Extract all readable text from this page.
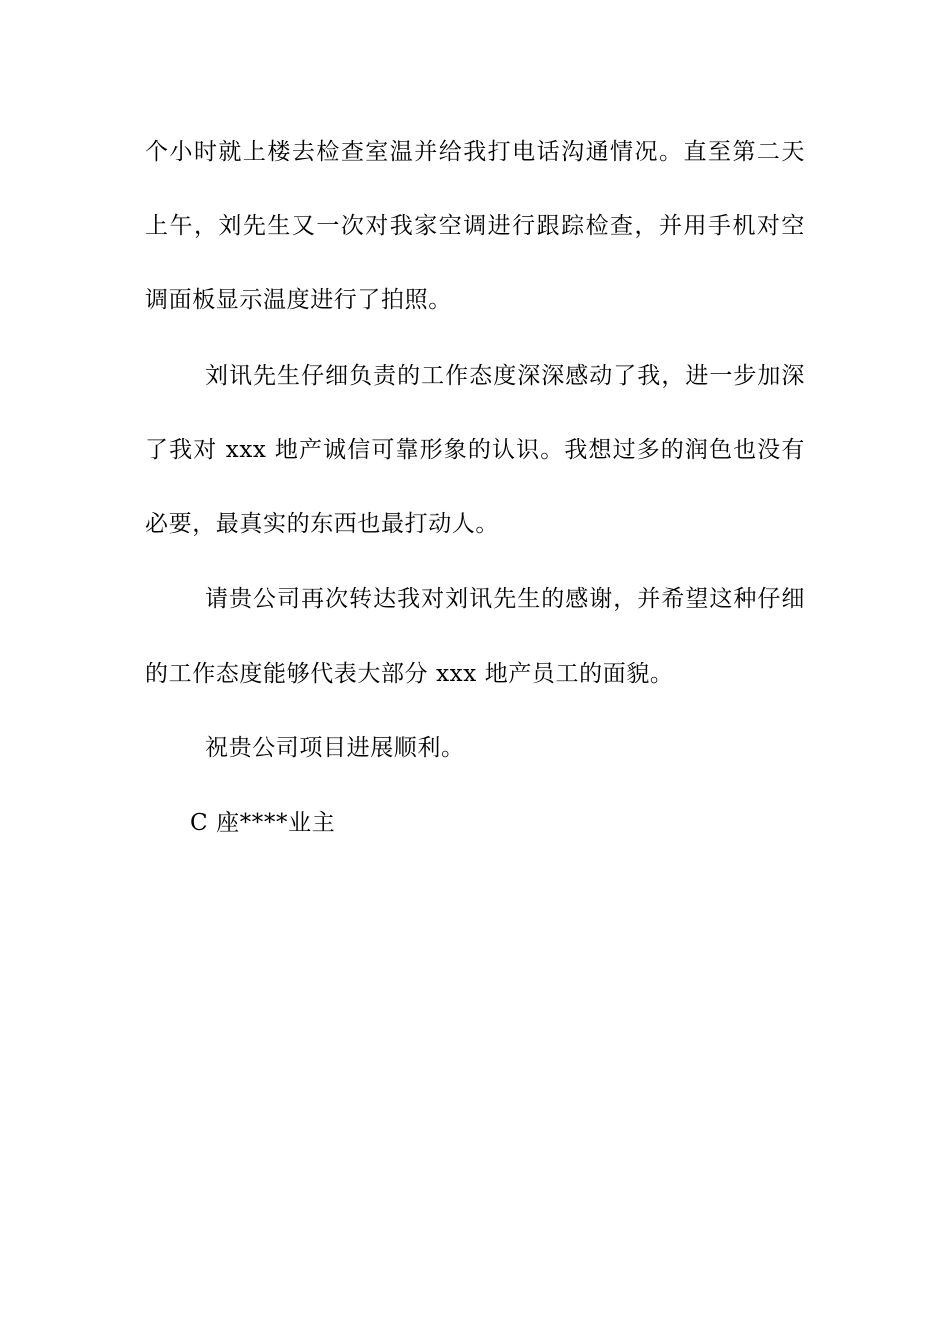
个小时就上楼去检查室温并给我打电话沟通情况。直至第二天
上午，刘先生又一次对我家空调进行跟踪检查，并用手机对空
调面板显示温度进行了拍照。
刘讯先生仔细负责的工作态度深深感动了我，进一步加深
了我对 xxx 地产诚信可靠形象的认识。我想过多的润色也没有
必要，最真实的东西也最打动人。
请贵公司再次转达我对刘讯先生的感谢，并希望这种仔细
的工作态度能够代表大部分 xxx 地产员工的面貌。
祝贵公司项目进展顺利。
C 座****业主
